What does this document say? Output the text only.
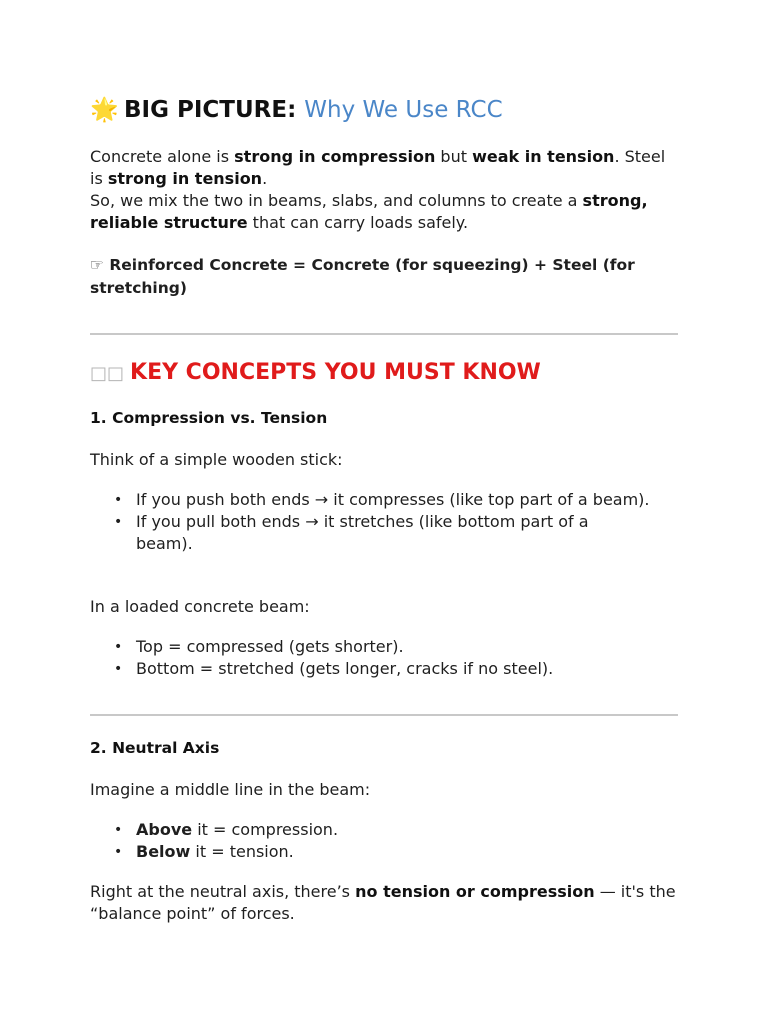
🌟 BIG PICTURE: Why We Use RCC
Concrete alone is strong in compression but weak in tension. Steel is strong in tension.
So, we mix the two in beams, slabs, and columns to create a strong, reliable structure that can carry loads safely.
☞ Reinforced Concrete = Concrete (for squeezing) + Steel (for stretching)
□□ KEY CONCEPTS YOU MUST KNOW
1. Compression vs. Tension
Think of a simple wooden stick:
• If you push both ends → it compresses (like top part of a beam).
• If you pull both ends → it stretches (like bottom part of a beam).
In a loaded concrete beam:
• Top = compressed (gets shorter).
• Bottom = stretched (gets longer, cracks if no steel).
2. Neutral Axis
Imagine a middle line in the beam:
• Above it = compression.
• Below it = tension.
Right at the neutral axis, there’s no tension or compression — it's the “balance point” of forces.
